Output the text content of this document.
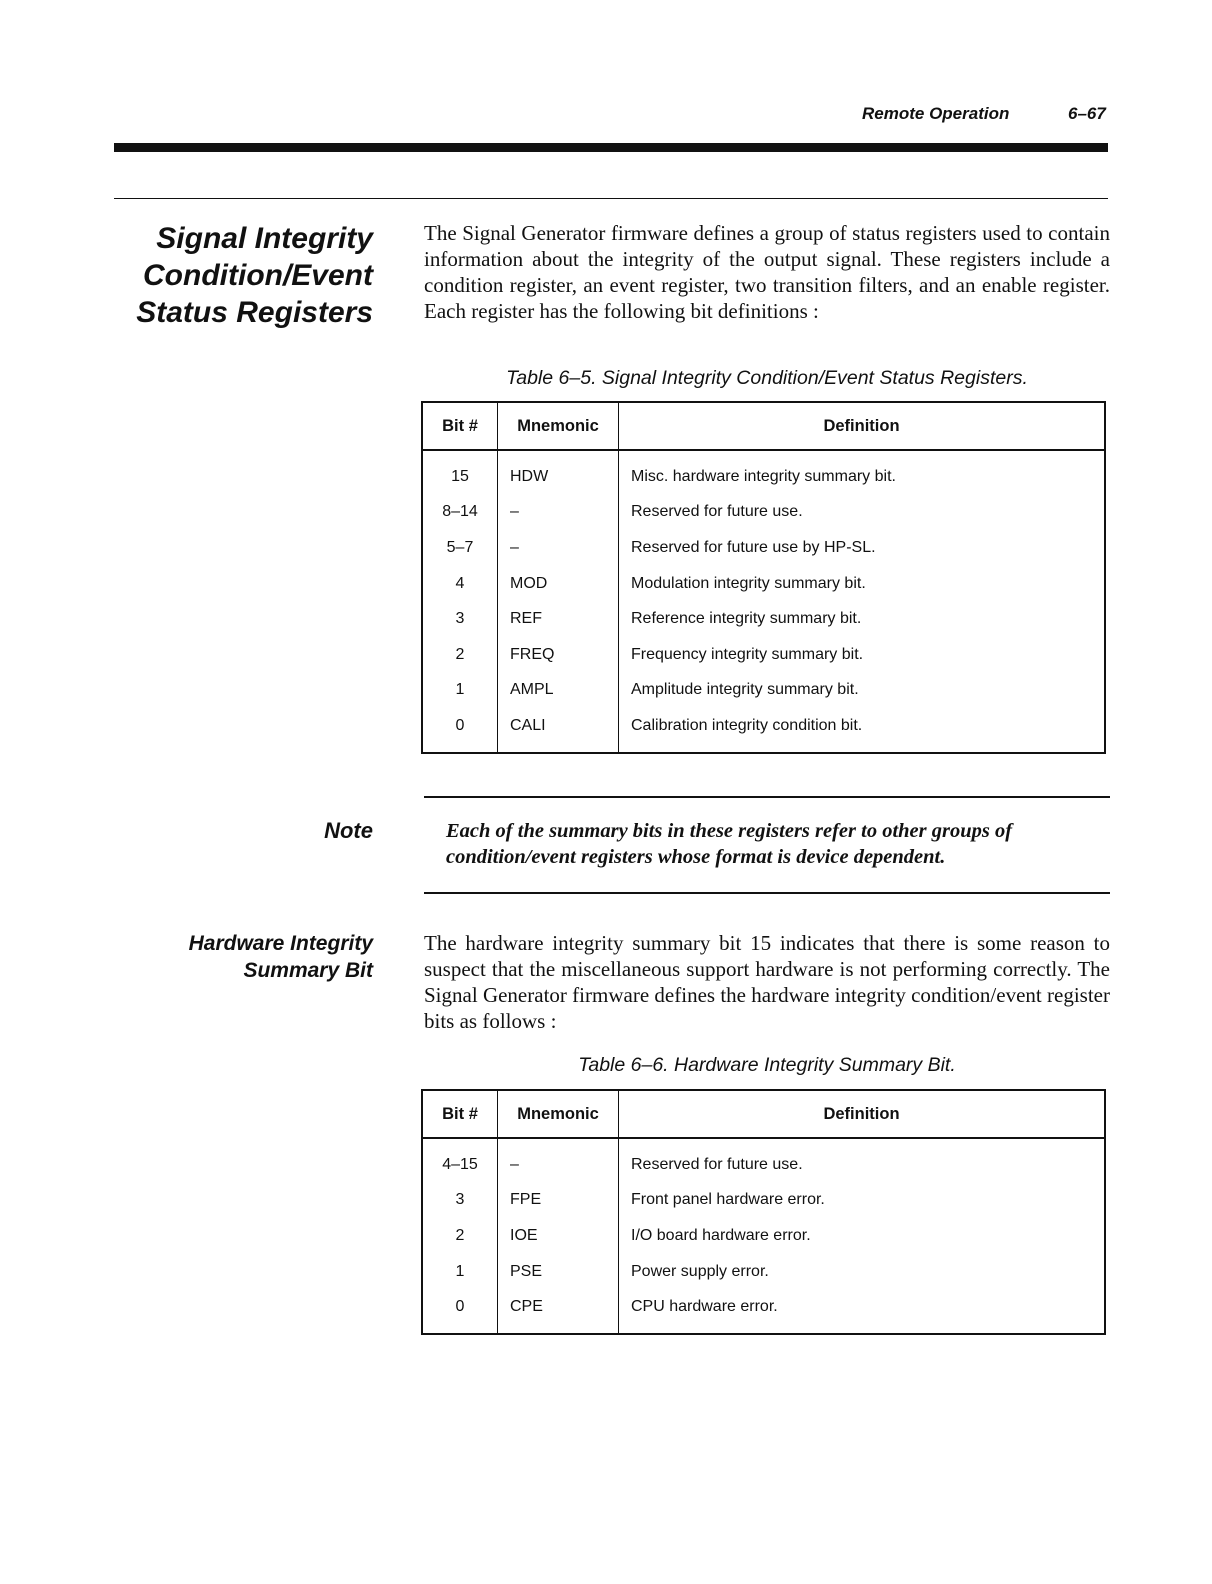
Remote Operation	6–67
Signal Integrity
Condition/Event
Status Registers
The Signal Generator firmware defines a group of status registers used to contain information about the integrity of the output signal. These registers include a condition register, an event register, two transition filters, and an enable register. Each register has the following bit definitions :
Table 6–5. Signal Integrity Condition/Event Status Registers.
Bit #	Mnemonic	Definition
15	HDW	Misc. hardware integrity summary bit.
8–14	–	Reserved for future use.
5–7	–	Reserved for future use by HP-SL.
4	MOD	Modulation integrity summary bit.
3	REF	Reference integrity summary bit.
2	FREQ	Frequency integrity summary bit.
1	AMPL	Amplitude integrity summary bit.
0	CALI	Calibration integrity condition bit.
Note	Each of the summary bits in these registers refer to other groups of condition/event registers whose format is device dependent.
Hardware Integrity
Summary Bit
The hardware integrity summary bit 15 indicates that there is some reason to suspect that the miscellaneous support hardware is not performing correctly. The Signal Generator firmware defines the hardware integrity condition/event register bits as follows :
Table 6–6. Hardware Integrity Summary Bit.
Bit #	Mnemonic	Definition
4–15	–	Reserved for future use.
3	FPE	Front panel hardware error.
2	IOE	I/O board hardware error.
1	PSE	Power supply error.
0	CPE	CPU hardware error.
